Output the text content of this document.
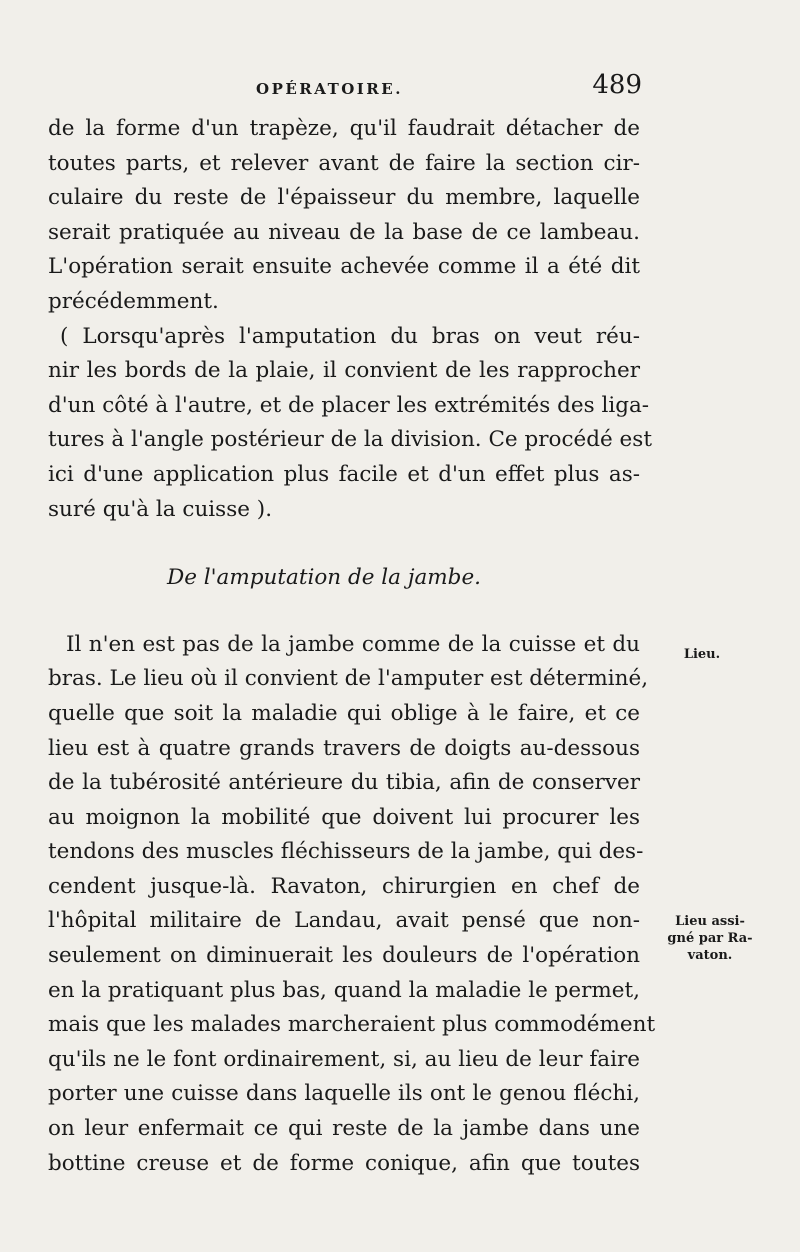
OPÉRATOIRE.	489
de la forme d'un trapèze, qu'il faudrait détacher de
toutes parts, et relever avant de faire la section cir-
culaire du reste de l'épaisseur du membre, laquelle
serait pratiquée au niveau de la base de ce lambeau.
L'opération serait ensuite achevée comme il a été dit
précédemment.
( Lorsqu'après l'amputation du bras on veut réu-
nir les bords de la plaie, il convient de les rapprocher
d'un côté à l'autre, et de placer les extrémités des liga-
tures à l'angle postérieur de la division. Ce procédé est
ici d'une application plus facile et d'un effet plus as-
suré qu'à la cuisse ).
De l'amputation de la jambe.
Il n'en est pas de la jambe comme de la cuisse et du
bras. Le lieu où il convient de l'amputer est déterminé,
quelle que soit la maladie qui oblige à le faire, et ce
lieu est à quatre grands travers de doigts au-dessous
de la tubérosité antérieure du tibia, afin de conserver
au moignon la mobilité que doivent lui procurer les
tendons des muscles fléchisseurs de la jambe, qui des-
cendent jusque-là. Ravaton, chirurgien en chef de
l'hôpital militaire de Landau, avait pensé que non-
seulement on diminuerait les douleurs de l'opération
en la pratiquant plus bas, quand la maladie le permet,
mais que les malades marcheraient plus commodément
qu'ils ne le font ordinairement, si, au lieu de leur faire
porter une cuisse dans laquelle ils ont le genou fléchi,
on leur enfermait ce qui reste de la jambe dans une
bottine creuse et de forme conique, afin que toutes
Lieu.
Lieu assi-
gné par Ra-
vaton.
